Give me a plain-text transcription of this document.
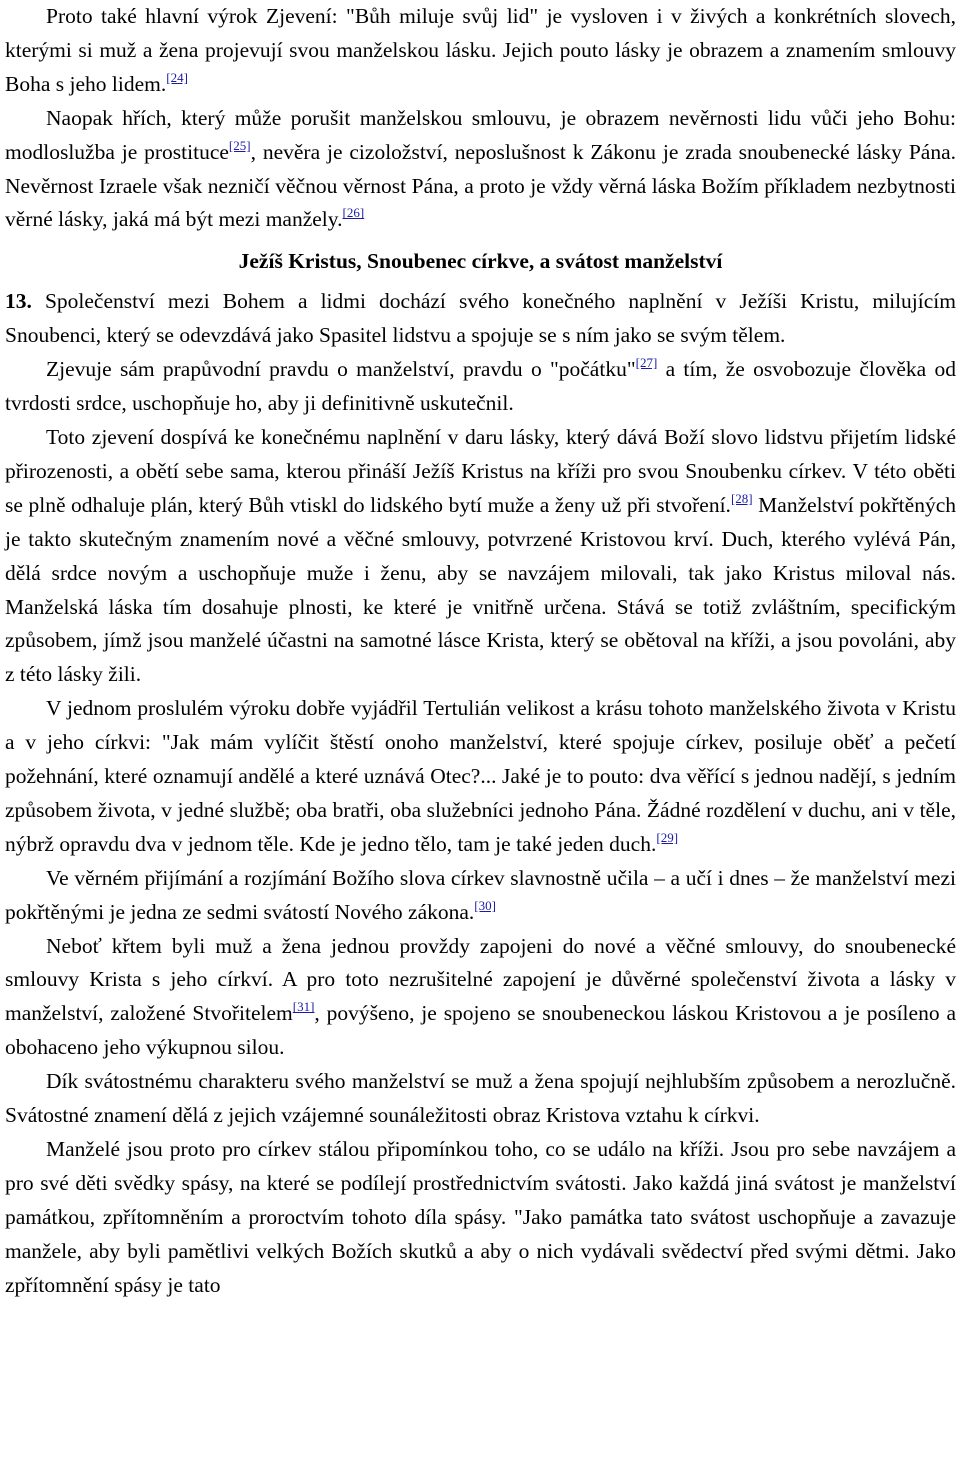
Proto také hlavní výrok Zjevení: "Bůh miluje svůj lid" je vysloven i v živých a konkrétních slovech, kterými si muž a žena projevují svou manželskou lásku. Jejich pouto lásky je obrazem a znamením smlouvy Boha s jeho lidem.[24]

Naopak hřích, který může porušit manželskou smlouvu, je obrazem nevěrnosti lidu vůči jeho Bohu: modloslužba je prostituce[25], nevěra je cizoložství, neposlušnost k Zákonu je zrada snoubenecké lásky Pána. Nevěrnost Izraele však nezničí věčnou věrnost Pána, a proto je vždy věrná láska Božím příkladem nezbytnosti věrné lásky, jaká má být mezi manžely.[26]

Ježíš Kristus, Snoubenec církve, a svátost manželství

13. Společenství mezi Bohem a lidmi dochází svého konečného naplnění v Ježíši Kristu, milujícím Snoubenci, který se odevzdává jako Spasitel lidstvu a spojuje se s ním jako se svým tělem.

Zjevuje sám prapůvodní pravdu o manželství, pravdu o "počátku"[27] a tím, že osvobozuje člověka od tvrdosti srdce, uschopňuje ho, aby ji definitivně uskutečnil.

Toto zjevení dospívá ke konečnému naplnění v daru lásky, který dává Boží slovo lidstvu přijetím lidské přirozenosti, a obětí sebe sama, kterou přináší Ježíš Kristus na kříži pro svou Snoubenku církev. V této oběti se plně odhaluje plán, který Bůh vtiskl do lidského bytí muže a ženy už při stvoření.[28] Manželství pokřtěných je takto skutečným znamením nové a věčné smlouvy, potvrzené Kristovou krví. Duch, kterého vylévá Pán, dělá srdce novým a uschopňuje muže i ženu, aby se navzájem milovali, tak jako Kristus miloval nás. Manželská láska tím dosahuje plnosti, ke které je vnitřně určena. Stává se totiž zvláštním, specifickým způsobem, jímž jsou manželé účastni na samotné lásce Krista, který se obětoval na kříži, a jsou povoláni, aby z této lásky žili.

V jednom proslulém výroku dobře vyjádřil Tertulián velikost a krásu tohoto manželského života v Kristu a v jeho církvi: "Jak mám vylíčit štěstí onoho manželství, které spojuje církev, posiluje oběť a pečetí požehnání, které oznamují andělé a které uznává Otec?... Jaké je to pouto: dva věřící s jednou nadějí, s jedním způsobem života, v jedné službě; oba bratři, oba služebníci jednoho Pána. Žádné rozdělení v duchu, ani v těle, nýbrž opravdu dva v jednom těle. Kde je jedno tělo, tam je také jeden duch.[29]

Ve věrném přijímání a rozjímání Božího slova církev slavnostně učila – a učí i dnes – že manželství mezi pokřtěnými je jedna ze sedmi svátostí Nového zákona.[30]

Neboť křtem byli muž a žena jednou provždy zapojeni do nové a věčné smlouvy, do snoubenecké smlouvy Krista s jeho církví. A pro toto nezrušitelné zapojení je důvěrné společenství života a lásky v manželství, založené Stvořitelem[31], povýšeno, je spojeno se snoubeneckou láskou Kristovou a je posíleno a obohaceno jeho výkupnou silou.

Dík svátostnému charakteru svého manželství se muž a žena spojují nejhlubším způsobem a nerozlučně. Svátostné znamení dělá z jejich vzájemné sounáležitosti obraz Kristova vztahu k církvi.

Manželé jsou proto pro církev stálou připomínkou toho, co se událo na kříži. Jsou pro sebe navzájem a pro své děti svědky spásy, na které se podílejí prostřednictvím svátosti. Jako každá jiná svátost je manželství památkou, zpřítomněním a proroctvím tohoto díla spásy. "Jako památka tato svátost uschopňuje a zavazuje manžele, aby byli pamětlivi velkých Božích skutků a aby o nich vydávali svědectví před svými dětmi. Jako zpřítomnění spásy je tato
